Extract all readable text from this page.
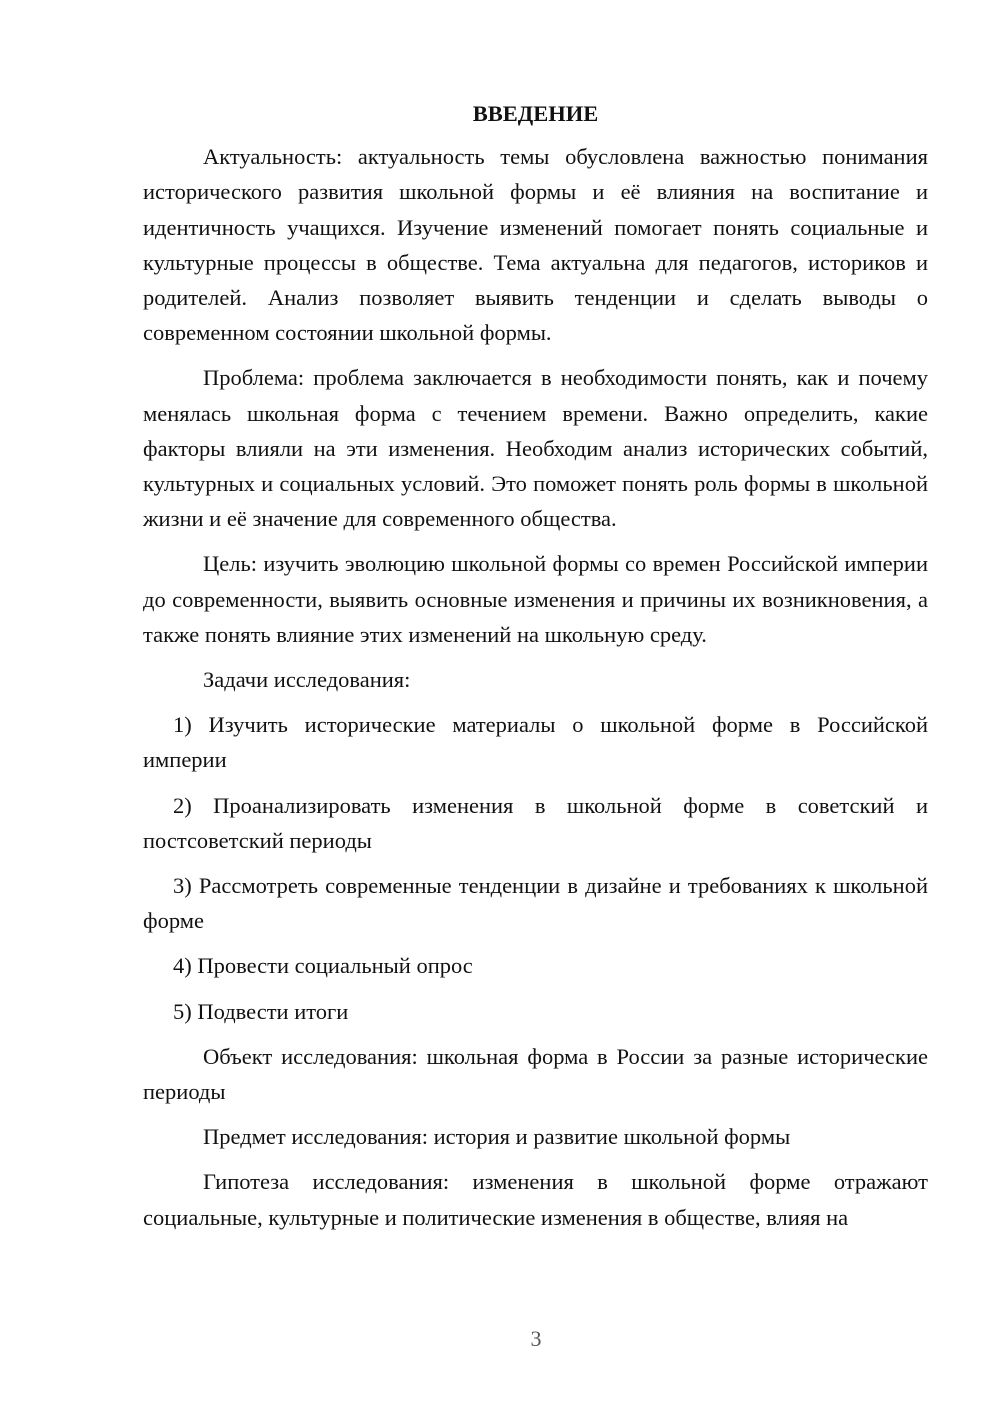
ВВЕДЕНИЕ

Актуальность: актуальность темы обусловлена важностью понимания исторического развития школьной формы и её влияния на воспитание и идентичность учащихся. Изучение изменений помогает понять социальные и культурные процессы в обществе. Тема актуальна для педагогов, историков и родителей. Анализ позволяет выявить тенденции и сделать выводы о современном состоянии школьной формы.

Проблема: проблема заключается в необходимости понять, как и почему менялась школьная форма с течением времени. Важно определить, какие факторы влияли на эти изменения. Необходим анализ исторических событий, культурных и социальных условий. Это поможет понять роль формы в школьной жизни и её значение для современного общества.

Цель: изучить эволюцию школьной формы со времен Российской империи до современности, выявить основные изменения и причины их возникновения, а также понять влияние этих изменений на школьную среду.

Задачи исследования:

1) Изучить исторические материалы о школьной форме в Российской империи

2) Проанализировать изменения в школьной форме в советский и постсоветский периоды

3) Рассмотреть современные тенденции в дизайне и требованиях к школьной форме

4) Провести социальный опрос

5) Подвести итоги

Объект исследования: школьная форма в России за разные исторические периоды

Предмет исследования: история и развитие школьной формы

Гипотеза исследования: изменения в школьной форме отражают социальные, культурные и политические изменения в обществе, влияя на

3
